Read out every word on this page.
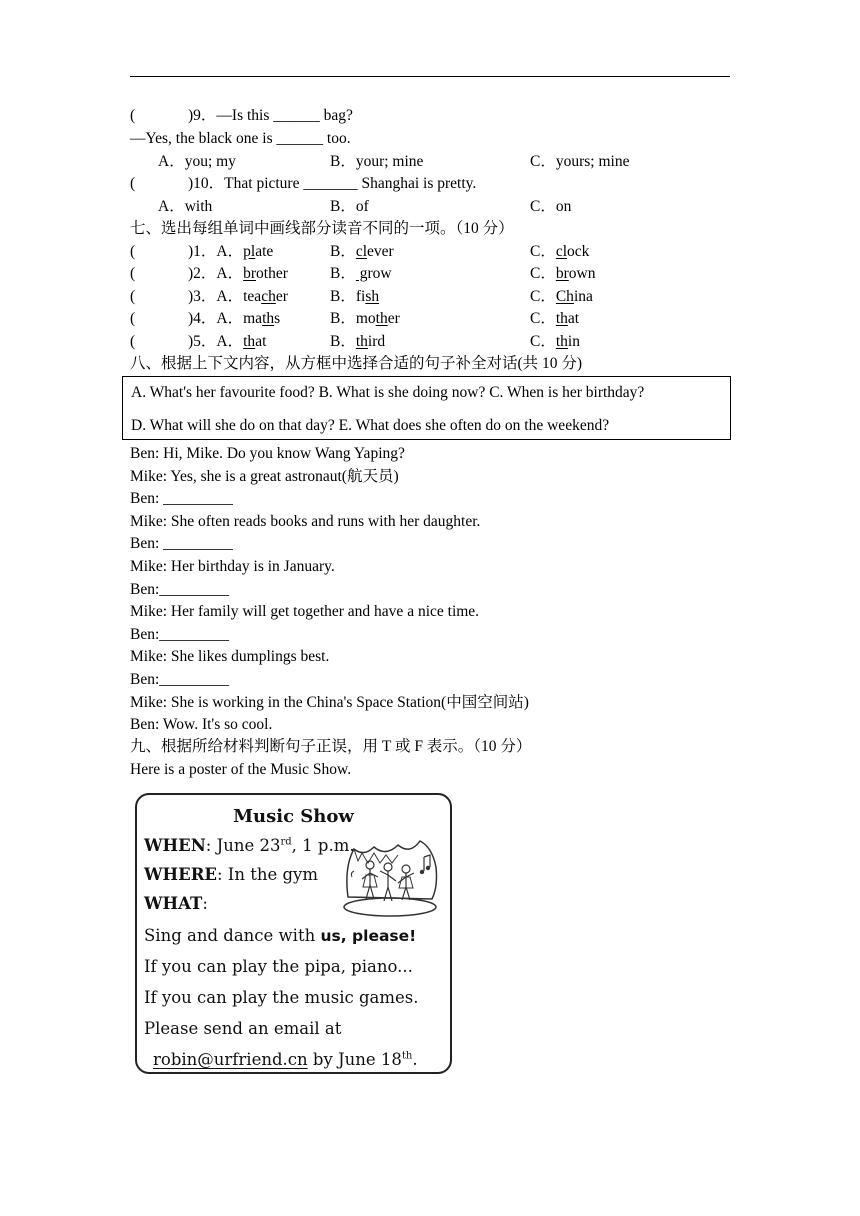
(	)9．—Is this ______ bag?
—Yes, the black one is ______ too.
A．you; my	B．your; mine	C．yours; mine
(	)10．That picture _______ Shanghai is pretty.
A．with	B．of	C．on
七、选出每组单词中画线部分读音不同的一项。（10 分）
(	)1．A．plate	B．clever	C．clock
(	)2．A．brother	B． grow	C．brown
(	)3．A．teacher	B．fish	C．China
(	)4．A．maths	B．mother	C．that
(	)5．A．that	B．third	C．thin
八、根据上下文内容，从方框中选择合适的句子补全对话(共 10 分)
A. What's her favourite food? B. What is she doing now? C. When is her birthday?
D. What will she do on that day? E. What does she often do on the weekend?
Ben: Hi, Mike. Do you know Wang Yaping?
Mike: Yes, she is a great astronaut(航天员)
Ben: _________
Mike: She often reads books and runs with her daughter.
Ben: _________
Mike: Her birthday is in January.
Ben:_________
Mike: Her family will get together and have a nice time.
Ben:_________
Mike: She likes dumplings best.
Ben:_________
Mike: She is working in the China's Space Station(中国空间站)
Ben: Wow. It's so cool.
九、根据所给材料判断句子正误，用 T 或 F 表示。（10 分）
Here is a poster of the Music Show.
Music Show
WHEN: June 23rd, 1 p.m.
WHERE: In the gym
WHAT:
Sing and dance with us, please!
If you can play the pipa, piano...
If you can play the music games.
Please send an email at
robin@urfriend.cn by June 18th.
